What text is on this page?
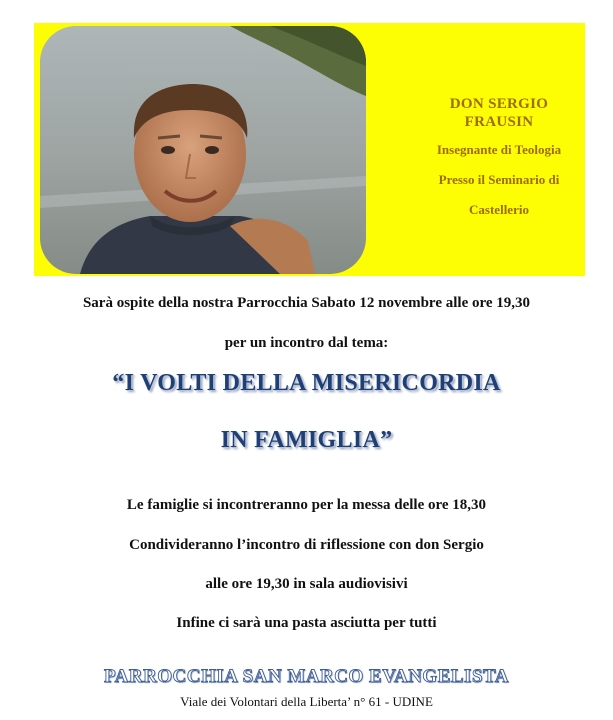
DON SERGIO
FRAUSIN
Insegnante di Teologia
Presso il Seminario di
Castellerio
Sarà ospite della nostra Parrocchia Sabato 12 novembre alle ore 19,30
per un incontro dal tema:
“I VOLTI DELLA MISERICORDIA
IN FAMIGLIA”
Le famiglie si incontreranno per la messa delle ore 18,30
Condivideranno l’incontro di riflessione con don Sergio
alle ore 19,30 in sala audiovisivi
Infine ci sarà una pasta asciutta per tutti
PARROCCHIA SAN MARCO EVANGELISTA
Viale dei Volontari della Liberta’ n° 61 - UDINE
